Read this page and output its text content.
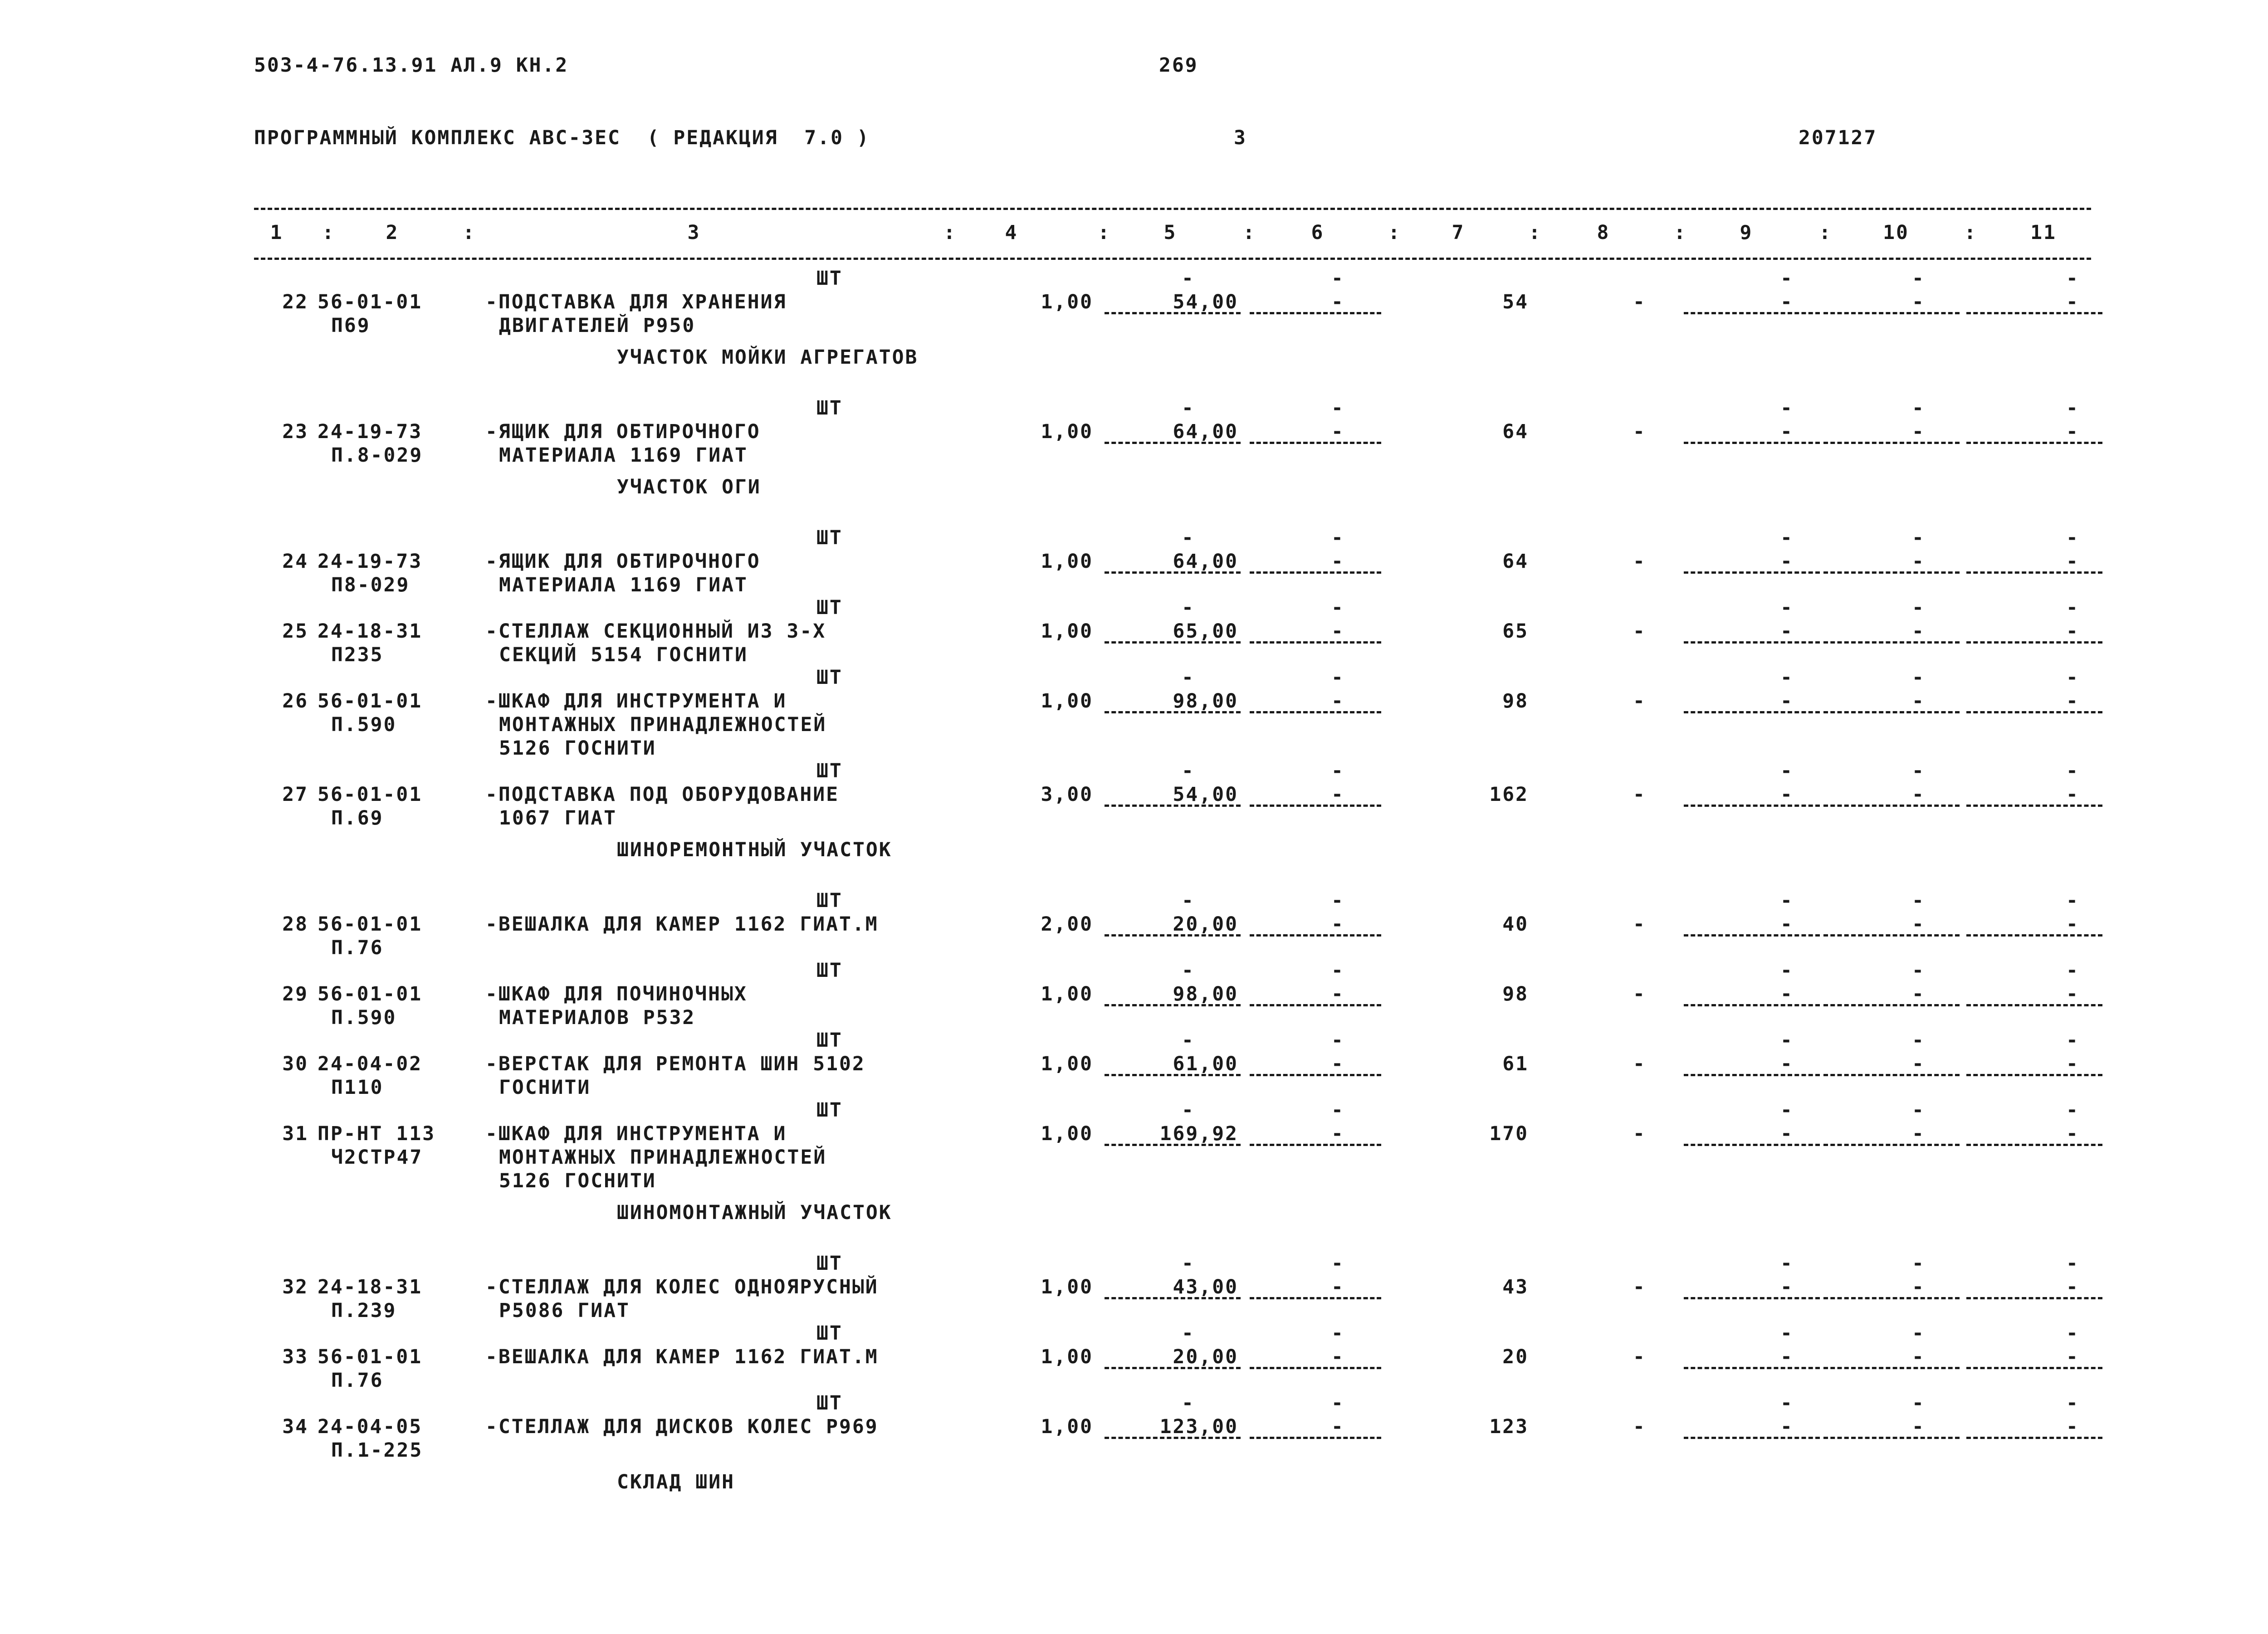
503-4-76.13.91 АЛ.9 КН.2	269
ПРОГРАММНЫЙ КОМПЛЕКС АВС-3ЕС  ( РЕДАКЦИЯ  7.0 )	3	207127
1	2	3	4	5	6	7	8	9	10	11
:	:	:	:	:	:	:	:	:	:
ШТ	-
-	-	-	-
22 56-01-01	-ПОДСТАВКА ДЛЯ ХРАНЕНИЯ	1,00	54,00	-	54	-	-	-	-
П69	ДВИГАТЕЛЕЙ Р950
УЧАСТОК МОЙКИ АГРЕГАТОВ
ШТ	-
-	-	-	-
23 24-19-73	-ЯЩИК ДЛЯ ОБТИРОЧНОГО	1,00	64,00	-	64	-	-	-	-
П.8-029	МАТЕРИАЛА 1169 ГИАТ
УЧАСТОК ОГИ
ШТ	-
-	-	-	-
24 24-19-73	-ЯЩИК ДЛЯ ОБТИРОЧНОГО	1,00	64,00	-	64	-	-	-	-
П8-029	МАТЕРИАЛА 1169 ГИАТ
ШТ	-
-	-	-	-
25 24-18-31	-СТЕЛЛАЖ СЕКЦИОННЫЙ ИЗ 3-Х	1,00	65,00	-	65	-	-	-	-
П235	СЕКЦИЙ 5154 ГОСНИТИ
ШТ	-
-	-	-	-
26 56-01-01	-ШКАФ ДЛЯ ИНСТРУМЕНТА И	1,00	98,00	-	98	-	-	-	-
П.590	МОНТАЖНЫХ ПРИНАДЛЕЖНОСТЕЙ
5126 ГОСНИТИ
ШТ	-
-	-	-	-
27 56-01-01	-ПОДСТАВКА ПОД ОБОРУДОВАНИЕ	3,00	54,00	-	162	-	-	-	-
П.69	1067 ГИАТ
ШИНОРЕМОНТНЫЙ УЧАСТОК
ШТ	-
-	-	-	-
28 56-01-01	-ВЕШАЛКА ДЛЯ КАМЕР 1162 ГИАТ.М	2,00	20,00	-	40	-	-	-	-
П.76
ШТ	-
-	-	-	-
29 56-01-01	-ШКАФ ДЛЯ ПОЧИНОЧНЫХ	1,00	98,00	-	98	-	-	-	-
П.590	МАТЕРИАЛОВ Р532
ШТ	-
-	-	-	-
30 24-04-02	-ВЕРСТАК ДЛЯ РЕМОНТА ШИН 5102	1,00	61,00	-	61	-	-	-	-
П110	ГОСНИТИ
ШТ	-
-	-	-	-
31 ПР-НТ 113	-ШКАФ ДЛЯ ИНСТРУМЕНТА И	1,00	169,92	-	170	-	-	-	-
Ч2СТР47	МОНТАЖНЫХ ПРИНАДЛЕЖНОСТЕЙ
5126 ГОСНИТИ
ШИНОМОНТАЖНЫЙ УЧАСТОК
ШТ	-
-	-	-	-
32 24-18-31	-СТЕЛЛАЖ ДЛЯ КОЛЕС ОДНОЯРУСНЫЙ	1,00	43,00	-	43	-	-	-	-
П.239	Р5086 ГИАТ
ШТ	-
-	-	-	-
33 56-01-01	-ВЕШАЛКА ДЛЯ КАМЕР 1162 ГИАТ.М	1,00	20,00	-	20	-	-	-	-
П.76
ШТ	-
-	-	-	-
34 24-04-05	-СТЕЛЛАЖ ДЛЯ ДИСКОВ КОЛЕС Р969	1,00	123,00	-	123	-	-	-	-
П.1-225
СКЛАД ШИН
